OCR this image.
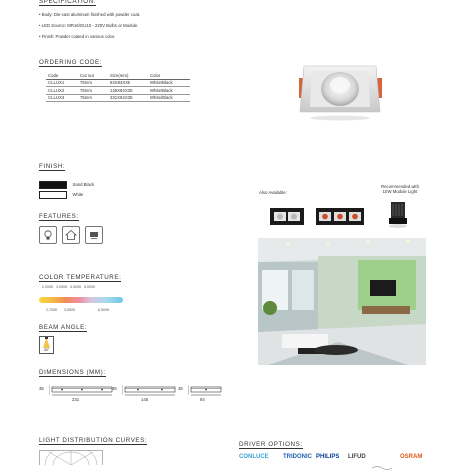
SPECIFICATION:
• Body: Die-cast aluminum finished with powder coat.
• LED Source: MR16/GU10 - 220V Bulbs or Module.
• Finish: Powder coated in various color.
ORDERING CODE:
Code	Cut out	Size(mm)	Color
CLLUX1	75mm	84X84X35	White/Black
CLLUX2	75mm	145X84X35	White/Black
CLLUX3	75mm	231X84X35	White/Black
Also Available:
Recommended with
10W Module Light
FINISH:
Sand Black
White
FEATURES:
COLOR TEMPERATURE:
2,200K 3,000K 4,000K 5,000K
2,700K 3,500K	6,500K
BEAM ANGLE:
30°
DIMENSIONS (MM):
35
231
35
145
35
84
LIGHT DISTRIBUTION CURVES:
DRIVER OPTIONS:
CONLUCE TRIDONIC PHILIPS LIFUD	OSRAM
